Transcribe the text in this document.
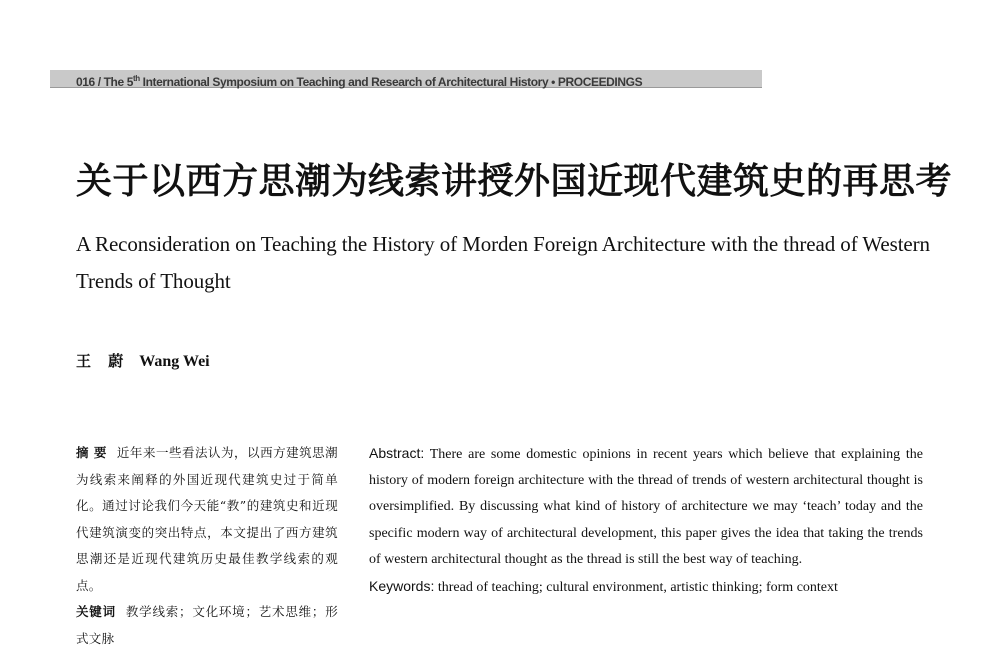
016 / The 5th International Symposium on Teaching and Research of Architectural History • PROCEEDINGS
关于以西方思潮为线索讲授外国近现代建筑史的再思考
A Reconsideration on Teaching the History of Morden Foreign Architecture with the thread of Western Trends of Thought
王 蔚 Wang Wei
摘 要 近年来一些看法认为，以西方建筑思潮为线索来阐释的外国近现代建筑史过于简单化。通过讨论我们今天能“教”的建筑史和近现代建筑演变的突出特点，本文提出了西方建筑思潮还是近现代建筑历史最佳教学线索的观点。
关键词 教学线索；文化环境；艺术思维；形式文脉
Abstract: There are some domestic opinions in recent years which believe that explaining the history of modern foreign architecture with the thread of trends of western architectural thought is oversimplified. By discussing what kind of history of architecture we may ‘teach’ today and the specific modern way of architectural development, this paper gives the idea that taking the trends of western architectural thought as the thread is still the best way of teaching.
Keywords: thread of teaching; cultural environment, artistic thinking; form context
